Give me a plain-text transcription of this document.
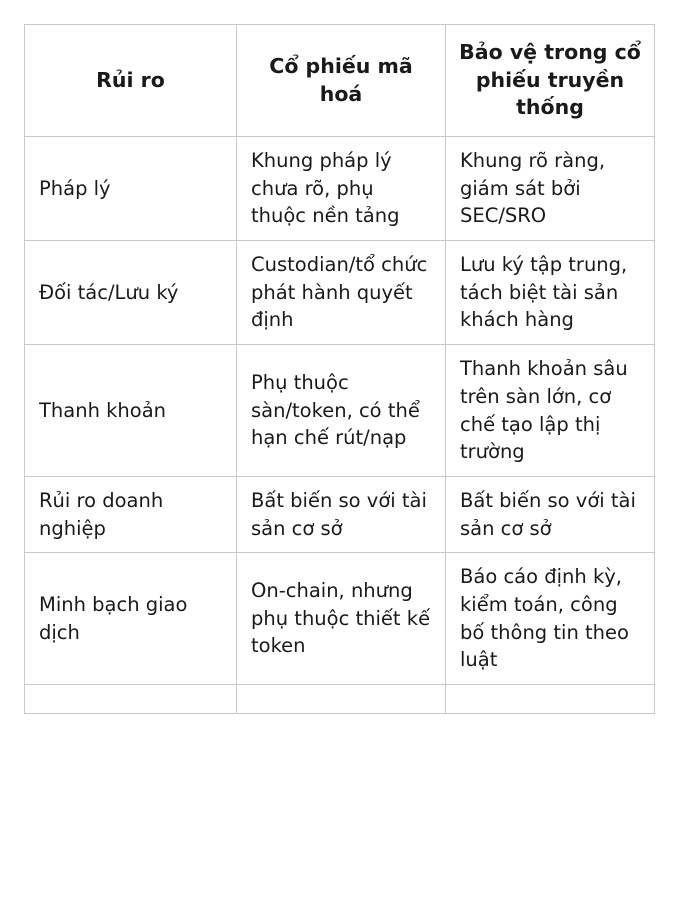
Rủi ro	Cổ phiếu mã hoá	Bảo vệ trong cổ phiếu truyền thống
Pháp lý	Khung pháp lý chưa rõ, phụ thuộc nền tảng	Khung rõ ràng, giám sát bởi SEC/SRO
Đối tác/Lưu ký	Custodian/tổ chức phát hành quyết định	Lưu ký tập trung, tách biệt tài sản khách hàng
Thanh khoản	Phụ thuộc sàn/token, có thể hạn chế rút/nạp	Thanh khoản sâu trên sàn lớn, cơ chế tạo lập thị trường
Rủi ro doanh nghiệp	Bất biến so với tài sản cơ sở	Bất biến so với tài sản cơ sở
Minh bạch giao dịch	On-chain, nhưng phụ thuộc thiết kế token	Báo cáo định kỳ, kiểm toán, công bố thông tin theo luật
